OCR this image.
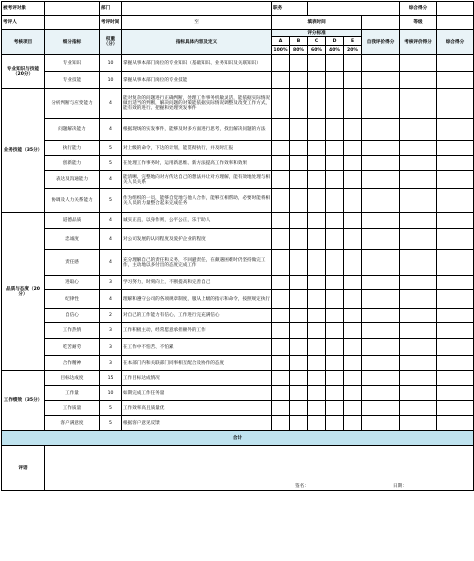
被考评对象		部门		职务						综合得分	
考评人		考评时间	至	填表时间						等级	
考核项目	细分指标	权重（分）	指标具体内容及定义	评分标准					自我评价得分	考核评价得分	综合得分
				A	B	C	D	E			
				100%	80%	60%	40%	20%			
专业知识与技能（20分）	专业知识	10	掌握从事本部门岗位的专业知识（基础知识、业务知识及关联知识）								
	专业技能	10	掌握从事本部门岗位的专业技能								
业务技能（35分）	分析判断与应变能力	4	能对复杂的问题进行正确判断，处理工作事务机敏灵活，能依据实际情况做出适当的判断，解决问题的对策能依据实际情况调整及改变工作方式，能有效的进行、把握和处理突发事件								
	问题解决能力	4	根据现场的实发事件，能够及时多方面进行思考，找出解决问题的方法								
	执行能力	5	对上级的命令，下达的计划，能贯彻执行，并及时汇报								
	创新能力	5	在处理工作事务时，运用新思维、新方法提高工作效率和效果								
	表达及沟通能力	4	能清晰、完整地向对方传达自己的想法并让对方理解，能有效地处理与相关人员关系								
	协调及人力关系能力	5	作为组织的一员，能够自觉地与他人合作，能够互相帮助，必要时能将相关人员的力量整合起来完成任务								
品质与态度（20分）	道德品质	4	诚实正直，以身作则，公平公正，乐于助人								
	忠诚度	4	对公司发展的认同程度及爱护企业的程度								
	责任感	4	充分理解自己的责任和义务，不回避责任，在颇遇困难时仍坚持做完工作，主动地以多付出的态度完成工作								
	进取心	3	学习努力，时刻向上，不断提高和完善自己								
	纪律性	4	理解和遵守公司的各项规章制度，服从上级的指示和命令，按照规定执行								
	自信心	2	对自己的工作能力有信心，工作进行完充满信心								
	工作热情	3	工作积极主动，经常愿意承担额外的工作								
	吃苦耐劳	3	在工作中不怕苦、不怕累								
	合作精神	3	在本部门内和关联部门同事相互配合及协作的态度								
工作绩效（35分）	目标达成度	15	工作目标达成情况								
	工作量	10	如期完成工作任务量								
	工作质量	5	工作效率高且质量优								
	客户满意度	5	根据客户意见反馈								
合计											
评语	签名： 日期：										
